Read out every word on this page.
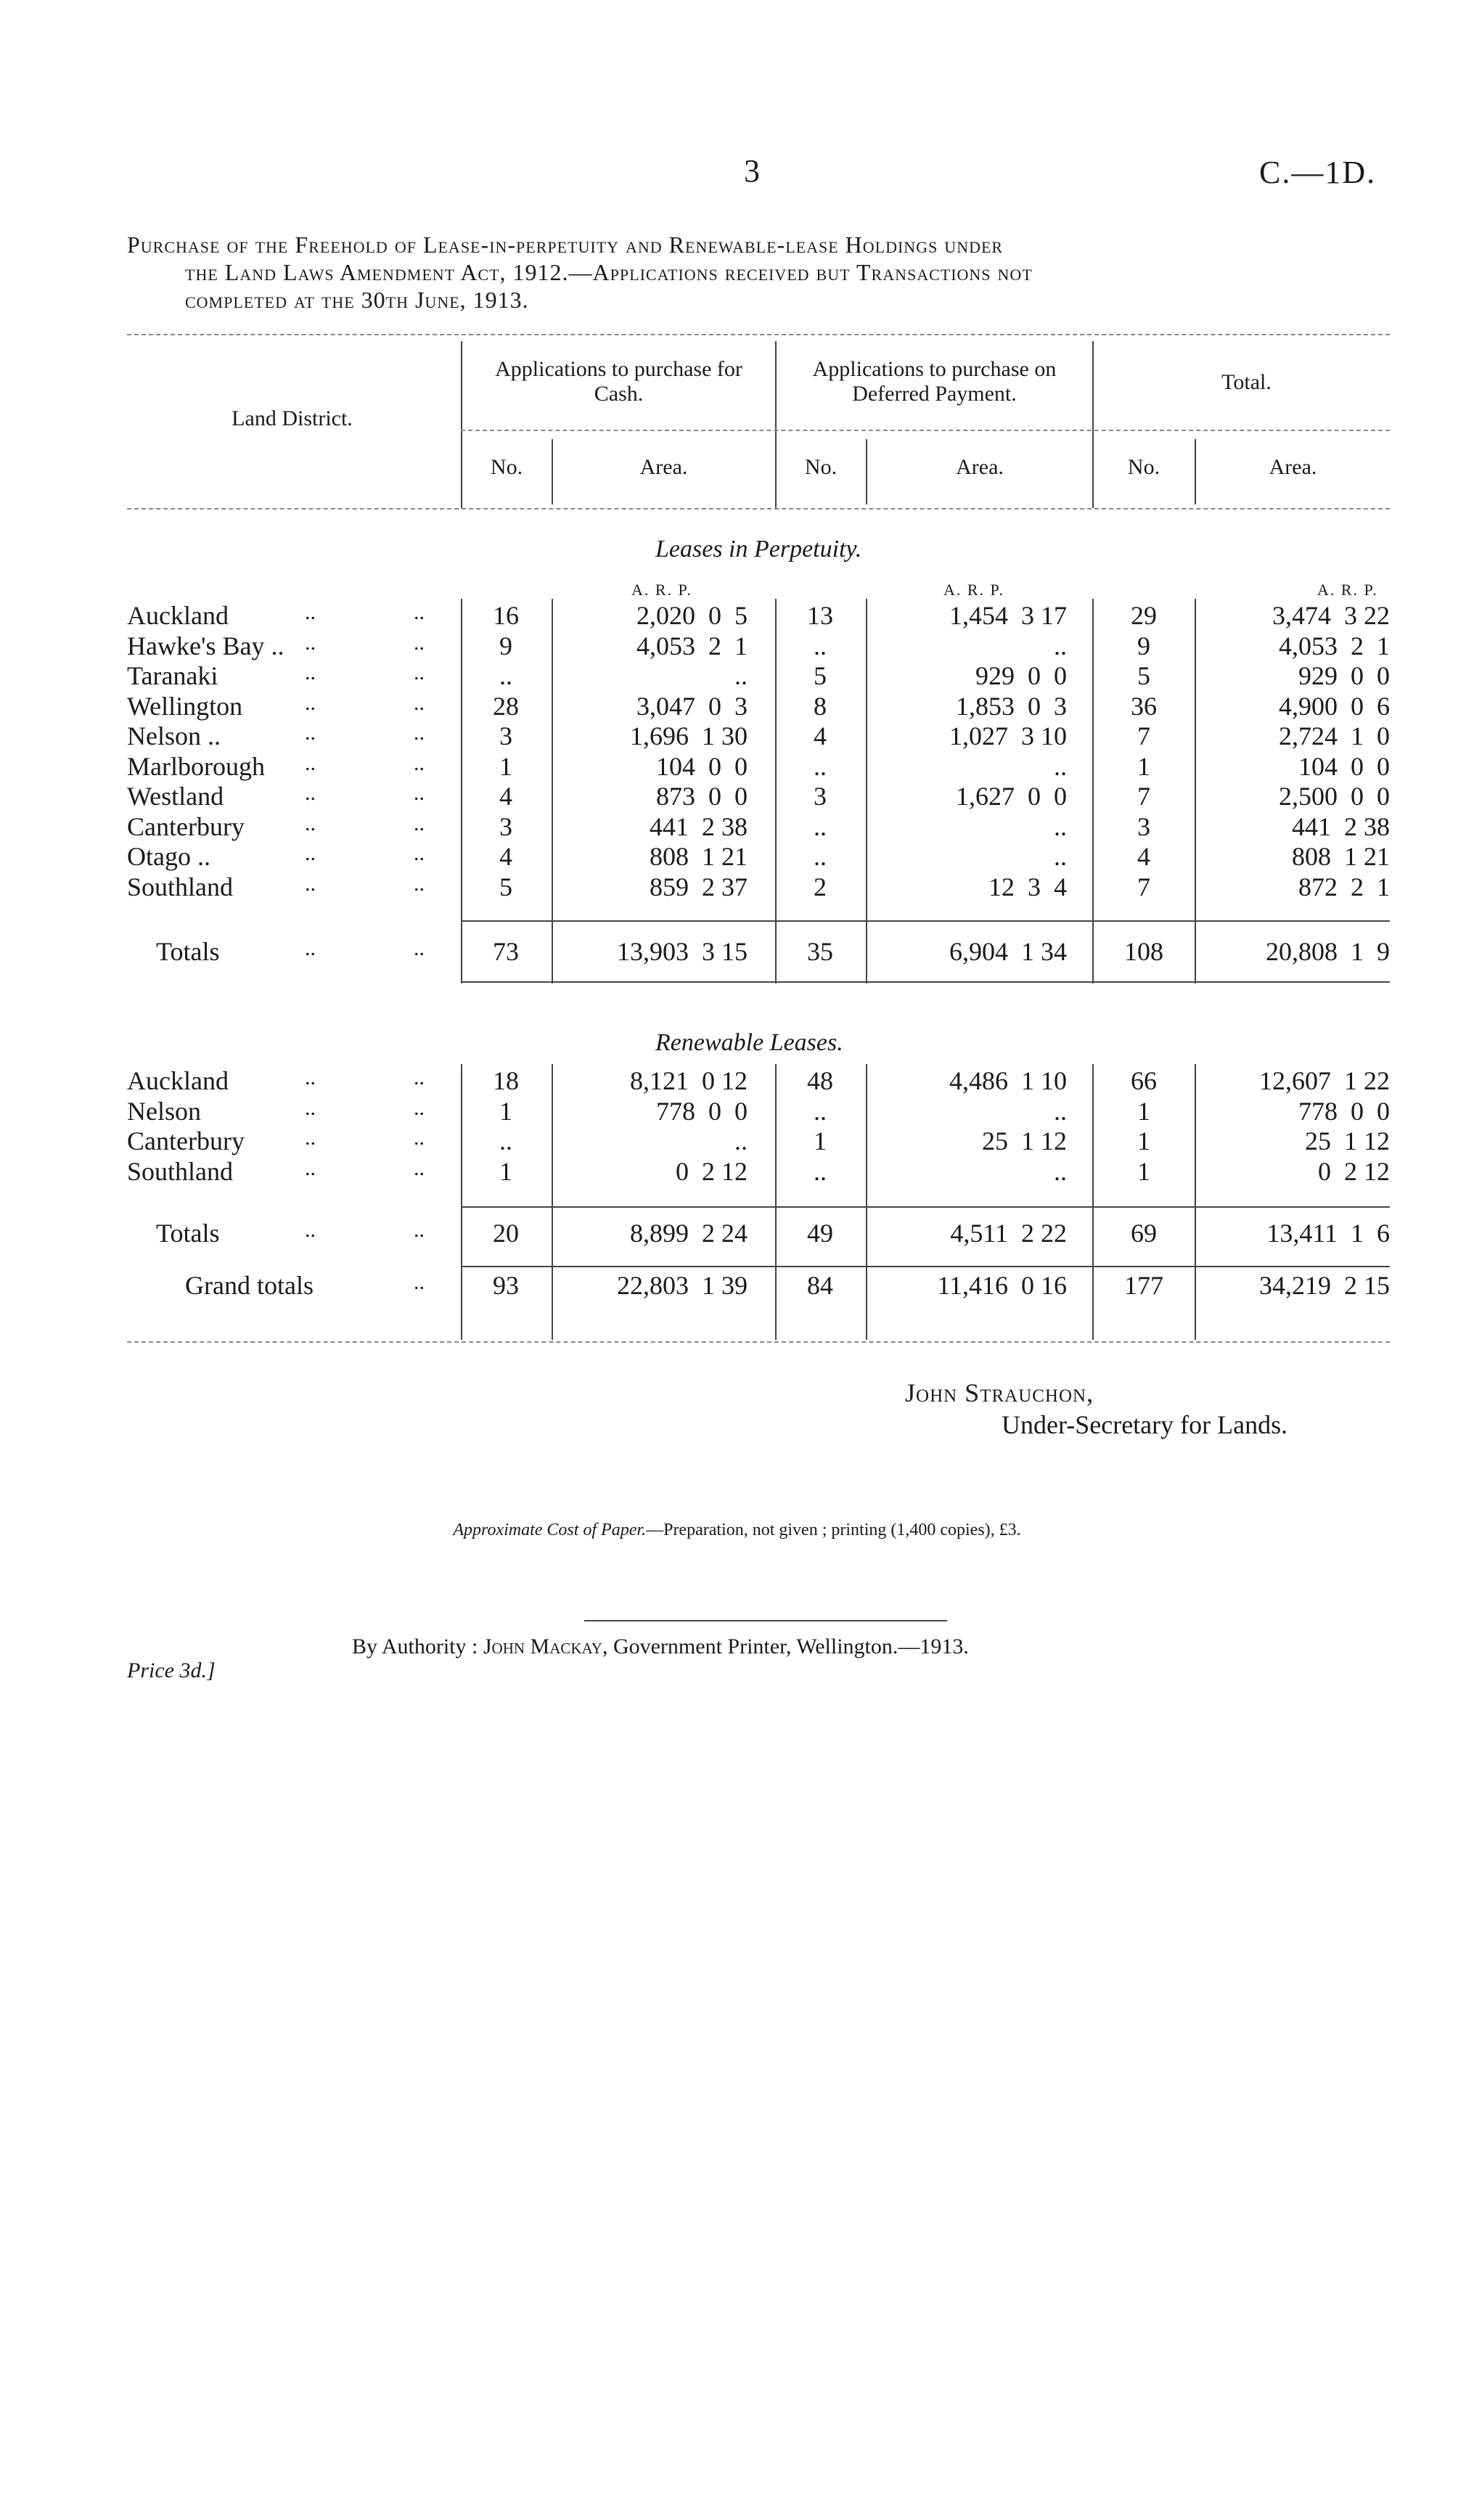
3	C.—1D.
Purchase of the Freehold of Lease-in-perpetuity and Renewable-lease Holdings under
the Land Laws Amendment Act, 1912.—Applications received but Transactions not
completed at the 30th June, 1913.
Land District.
Applications to purchase for Cash.
Applications to purchase on Deferred Payment.	Total.
No.	Area.	No.	Area.	No.	Area.
Leases in Perpetuity.
A. R. P.	A. R. P.	A. R. P.
Auckland	..	..	16	2,020  0  5	13	1,454  3 17	29	3,474  3 22
Hawke's Bay .. ..	..	9	4,053  2  1	..	..	9	4,053  2  1
Taranaki	..	..	..	..	5	929  0  0	5	929  0  0
Wellington	..	..	28	3,047  0  3	8	1,853  0  3	36	4,900  0  6
Nelson ..	..	..	3	1,696  1 30	4	1,027  3 10	7	2,724  1  0
Marlborough ..	..	1	104  0  0	..	..	1	104  0  0
Westland	..	..	4	873  0  0	3	1,627  0  0	7	2,500  0  0
Canterbury	..	..	3	441  2 38	..	..	3	441  2 38
Otago ..	..	..	4	808  1 21	..	..	4	808  1 21
Southland	..	..	5	859  2 37	2	12  3  4	7	872  2  1
Totals	..	..	73	13,903  3 15	35	6,904  1 34	108	20,808  1  9
Renewable Leases.
Auckland	..	..	18	8,121  0 12	48	4,486  1 10	66	12,607  1 22
Nelson	..	..	1	778  0  0	..	..	1	778  0  0
Canterbury	..	..	..	..	1	25  1 12	1	25  1 12
Southland	..	..	1	0  2 12	..	..	1	0  2 12
Totals	..	..	20	8,899  2 24	49	4,511  2 22	69	13,411  1  6
Grand totals	..	93	22,803  1 39	84	11,416  0 16	177	34,219  2 15
John Strauchon,
Under-Secretary for Lands.
Approximate Cost of Paper.—Preparation, not given ; printing (1,400 copies), £3.
By Authority : John Mackay, Government Printer, Wellington.—1913.
Price 3d.]
